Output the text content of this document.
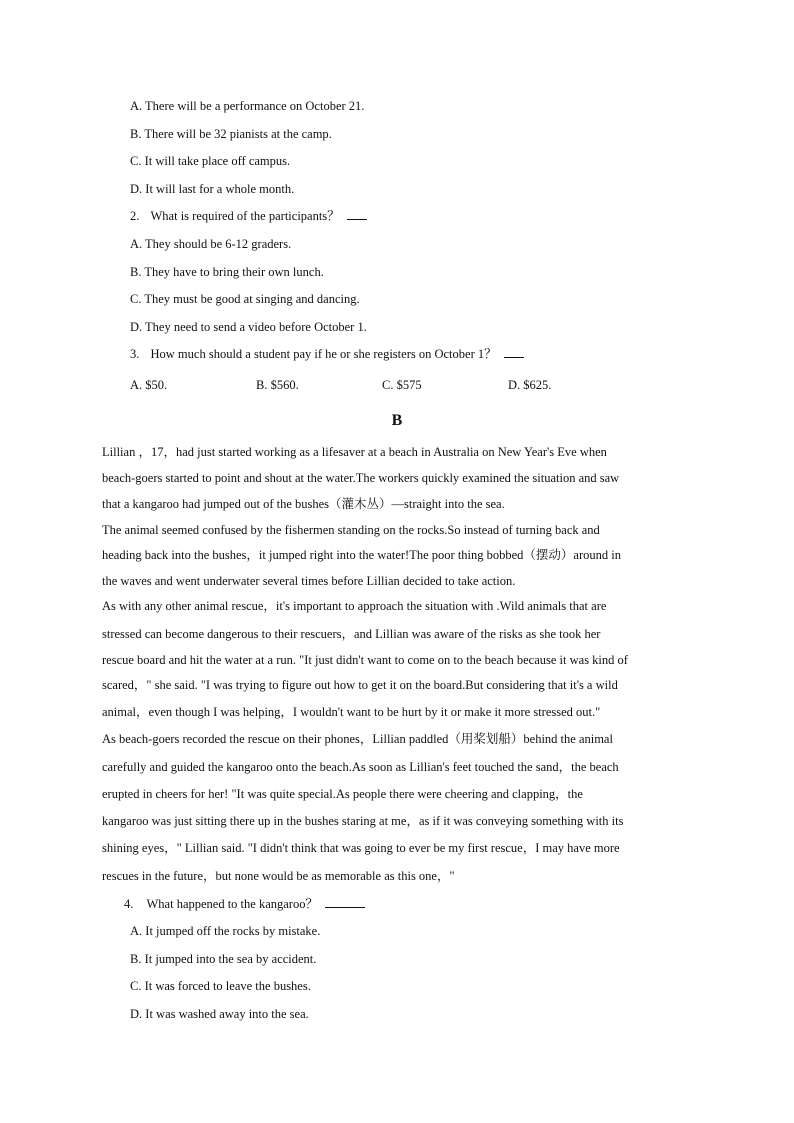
A. There will be a performance on October 21.
B. There will be 32 pianists at the camp.
C. It will take place off campus.
D. It will last for a whole month.
2. What is required of the participants？
A. They should be 6-12 graders.
B. They have to bring their own lunch.
C. They must be good at singing and dancing.
D. They need to send a video before October 1.
3. How much should a student pay if he or she registers on October 1？
A. $50.	B. $560.	C. $575	D. $625.
B
Lillian ，17，had just started working as a lifesaver at a beach in Australia on New Year's Eve when
beach-goers started to point and shout at the water.The workers quickly examined the situation and saw
that a kangaroo had jumped out of the bushes（灌木丛）—straight into the sea.
The animal seemed confused by the fishermen standing on the rocks.So instead of turning back and
heading back into the bushes，it jumped right into the water!The poor thing bobbed（摆动）around in
the waves and went underwater several times before Lillian decided to take action.
As with any other animal rescue，it's important to approach the situation with .Wild animals that are
stressed can become dangerous to their rescuers，and Lillian was aware of the risks as she took her
rescue board and hit the water at a run. "It just didn't want to come on to the beach because it was kind of
scared，" she said. "I was trying to figure out how to get it on the board.But considering that it's a wild
animal，even though I was helping，I wouldn't want to be hurt by it or make it more stressed out."
As beach-goers recorded the rescue on their phones，Lillian paddled（用桨划船）behind the animal
carefully and guided the kangaroo onto the beach.As soon as Lillian's feet touched the sand，the beach
erupted in cheers for her! "It was quite special.As people there were cheering and clapping，the
kangaroo was just sitting there up in the bushes staring at me，as if it was conveying something with its
shining eyes，" Lillian said. "I didn't think that was going to ever be my first rescue，I may have more
rescues in the future，but none would be as memorable as this one，"
4. What happened to the kangaroo？
A. It jumped off the rocks by mistake.
B. It jumped into the sea by accident.
C. It was forced to leave the bushes.
D. It was washed away into the sea.
